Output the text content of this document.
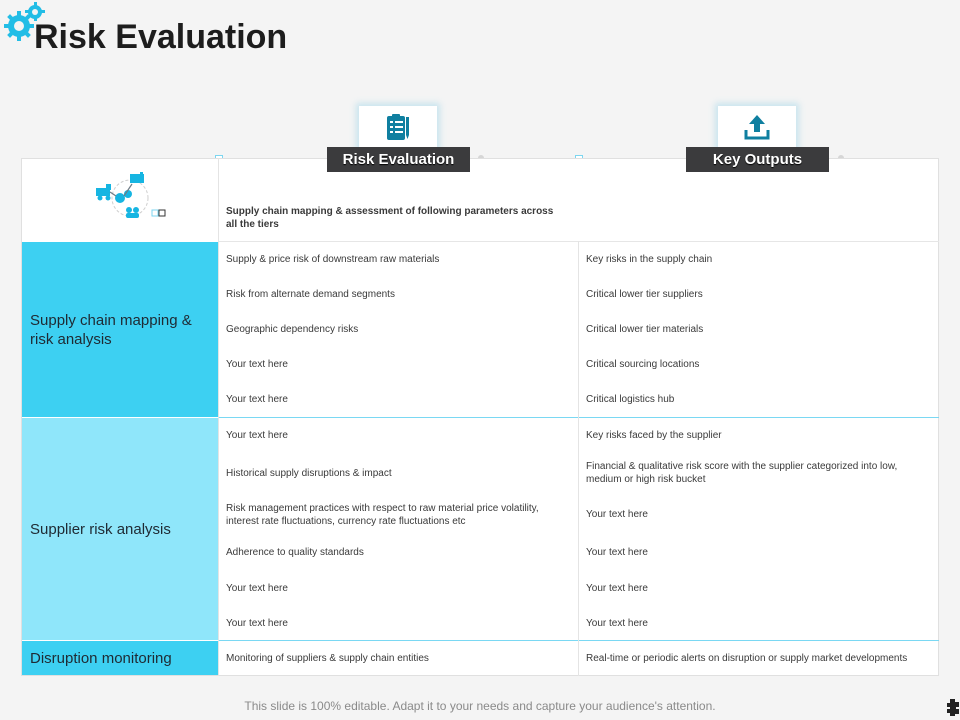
Risk Evaluation
Risk Evaluation	Key Outputs
Supply chain mapping & assessment of following parameters across all the tiers
Supply chain mapping & risk analysis
Supplier risk analysis
Disruption monitoring
Supply & price risk of downstream raw materials
Risk from alternate demand segments
Geographic dependency risks
Your text here
Your text here
Key risks in the supply chain
Critical lower tier suppliers
Critical lower tier materials
Critical sourcing locations
Critical logistics hub
Your text here
Historical supply disruptions & impact
Risk management practices with respect to raw material price volatility, interest rate fluctuations, currency rate fluctuations etc
Adherence to quality standards
Your text here
Your text here
Key risks faced by the supplier
Financial & qualitative risk score with the supplier categorized into low, medium or high risk bucket
Your text here
Your text here
Your text here
Your text here
Monitoring of suppliers & supply chain entities	Real-time or periodic alerts on disruption or supply market developments
This slide is 100% editable. Adapt it to your needs and capture your audience's attention.
